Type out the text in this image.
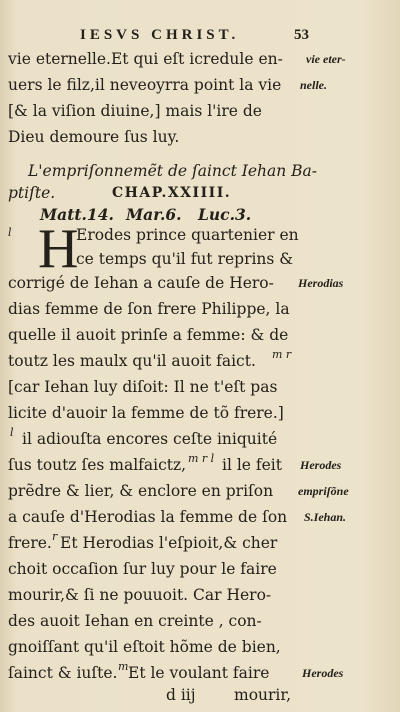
IESVS CHRIST.	53
vie eternelle.Et qui eſt icredule en- vie eter-
uers le filz,il neveoyrra point la vie nelle.
[& la viſion diuine,] mais l'ire de
Dieu demoure ſus luy.
L'empriſonnemẽt de ſainct Iehan Ba-
ptiſte.	CHAP.XXIIII.
Matt.14. Mar.6. Luc.3.
H
l	Erodes prince quartenier en
ce temps qu'il fut reprins &
corrigé de Iehan a cauſe de Hero- Herodias
dias femme de ſon frere Philippe, la
quelle il auoit prinſe a femme: & de
toutz les maulx qu'il auoit faict. m r
[car Iehan luy diſoit: Il ne t'eſt pas
licite d'auoir la femme de tõ frere.]
l il adiouſta encores ceſte iniquité
ſus toutz ſes malfaictz, m r l il le feit Herodes
prẽdre & lier, & enclore en priſon empriſõne
a cauſe d'Herodias la femme de ſon S.Iehan.
frere. r Et Herodias l'eſpioit,& cher
choit occaſion ſur luy pour le faire
mourir,& ſi ne pouuoit. Car Hero-
des auoit Iehan en creinte , con-
gnoiſſant qu'il eſtoit hõme de bien,
ſainct & iuſte. m Et le voulant faire	Herodes
d iij mourir,
